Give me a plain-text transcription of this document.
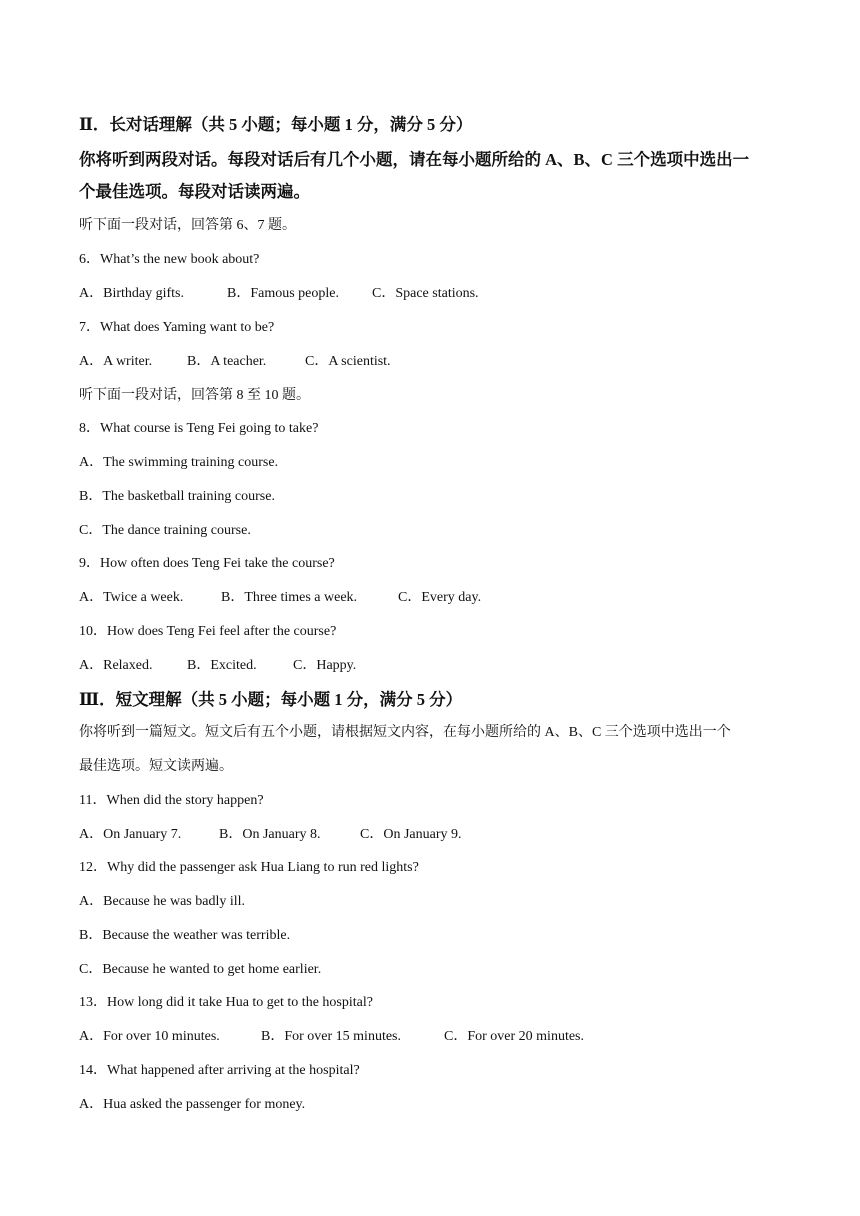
Ⅱ．长对话理解（共 5 小题；每小题 1 分，满分 5 分）
你将听到两段对话。每段对话后有几个小题，请在每小题所给的 A、B、C 三个选项中选出一
个最佳选项。每段对话读两遍。
听下面一段对话，回答第 6、7 题。
6．What’s the new book about?
A．Birthday gifts.	B．Famous people. C．Space stations.
7．What does Yaming want to be?
A．A writer. B．A teacher.	C．A scientist.
听下面一段对话，回答第 8 至 10 题。
8．What course is Teng Fei going to take?
A．The swimming training course.
B．The basketball training course.
C．The dance training course.
9．How often does Teng Fei take the course?
A．Twice a week.	B．Three times a week.	C．Every day.
10．How does Teng Fei feel after the course?
A．Relaxed. B．Excited.	C．Happy.
Ⅲ．短文理解（共 5 小题；每小题 1 分，满分 5 分）
你将听到一篇短文。短文后有五个小题，请根据短文内容，在每小题所给的 A、B、C 三个选项中选出一个
最佳选项。短文读两遍。
11．When did the story happen?
A．On January 7.	B．On January 8.	C．On January 9.
12．Why did the passenger ask Hua Liang to run red lights?
A．Because he was badly ill.
B．Because the weather was terrible.
C．Because he wanted to get home earlier.
13．How long did it take Hua to get to the hospital?
A．For over 10 minutes.	B．For over 15 minutes.	C．For over 20 minutes.
14．What happened after arriving at the hospital?
A．Hua asked the passenger for money.
